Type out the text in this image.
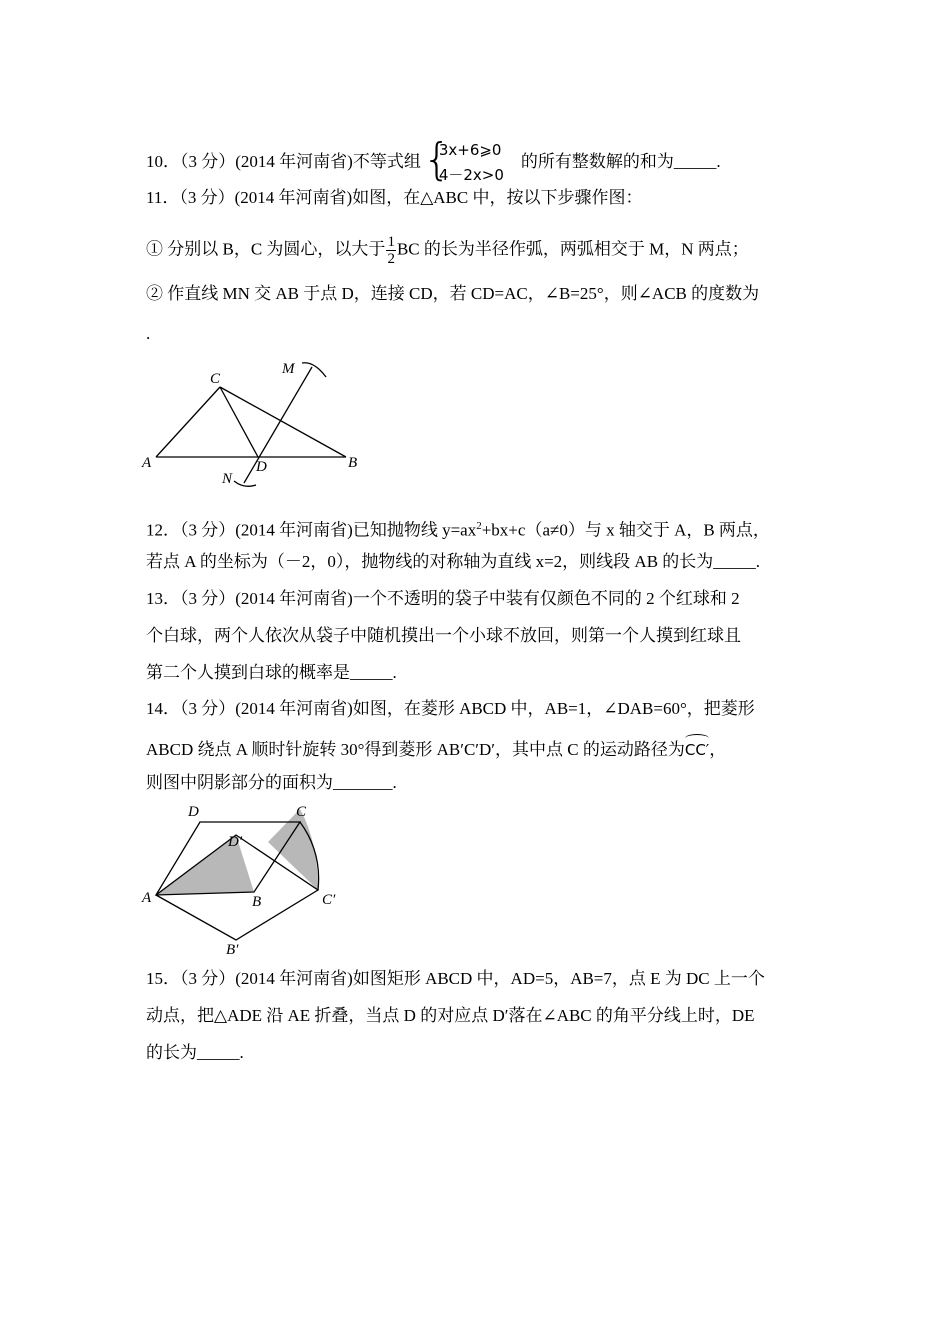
10．（3 分）(2014 年河南省)不等式组 {
3x+6⩾0
4－2x>0
的所有整数解的和为_____.
11．（3 分）(2014 年河南省)如图，在△ABC 中，按以下步骤作图：
① 分别以 B，C 为圆心，以大于 $\frac{1}{2}$ BC 的长为半径作弧，两弧相交于 M，N 两点；
② 作直线 MN 交 AB 于点 D，连接 CD，若 CD=AC，∠B=25°，则∠ACB 的度数为
.
A	B
C
D
M
N
12．（3 分）(2014 年河南省)已知抛物线 $y=ax^2+bx+c(a\ne 0)$与 x 轴交于 A，B 两点，
若点 A 的坐标为（－2，0），抛物线的对称轴为直线 x=2，则线段 AB 的长为_____.
13．（3 分）(2014 年河南省)一个不透明的袋子中装有仅颜色不同的 2 个红球和 2
个白球，两个人依次从袋子中随机摸出一个小球不放回，则第一个人摸到红球且
第二个人摸到白球的概率是_____.
14．（3 分）(2014 年河南省)如图，在菱形 ABCD 中，AB=1，∠DAB=60°，把菱形
ABCD 绕点 A 顺时针旋转 30°得到菱形 AB′C′D′，其中点 C 的运动路径为CC′，
则图中阴影部分的面积为_______.
A	B
C
D
B′
C′
D′
15．（3 分）(2014 年河南省)如图矩形 ABCD 中，AD=5，AB=7，点 E 为 DC 上一个
动点，把△ADE 沿 AE 折叠，当点 D 的对应点 D′落在∠ABC 的角平分线上时，DE
的长为_____.
